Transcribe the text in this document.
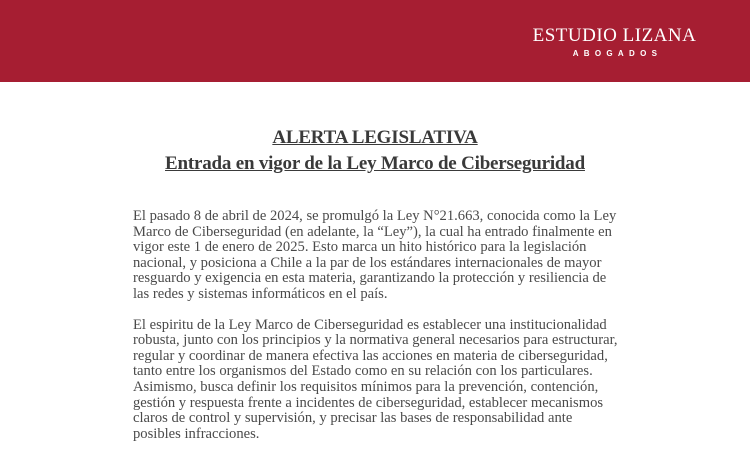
ESTUDIO LIZANA
ABOGADOS
ALERTA LEGISLATIVA
Entrada en vigor de la Ley Marco de Ciberseguridad

El pasado 8 de abril de 2024, se promulgó la Ley N°21.663, conocida como la Ley Marco de Ciberseguridad (en adelante, la “Ley”), la cual ha entrado finalmente en vigor este 1 de enero de 2025. Esto marca un hito histórico para la legislación nacional, y posiciona a Chile a la par de los estándares internacionales de mayor resguardo y exigencia en esta materia, garantizando la protección y resiliencia de las redes y sistemas informáticos en el país.

El espiritu de la Ley Marco de Ciberseguridad es establecer una institucionalidad robusta, junto con los principios y la normativa general necesarios para estructurar, regular y coordinar de manera efectiva las acciones en materia de ciberseguridad, tanto entre los organismos del Estado como en su relación con los particulares. Asimismo, busca definir los requisitos mínimos para la prevención, contención, gestión y respuesta frente a incidentes de ciberseguridad, establecer mecanismos claros de control y supervisión, y precisar las bases de responsabilidad ante posibles infracciones.
